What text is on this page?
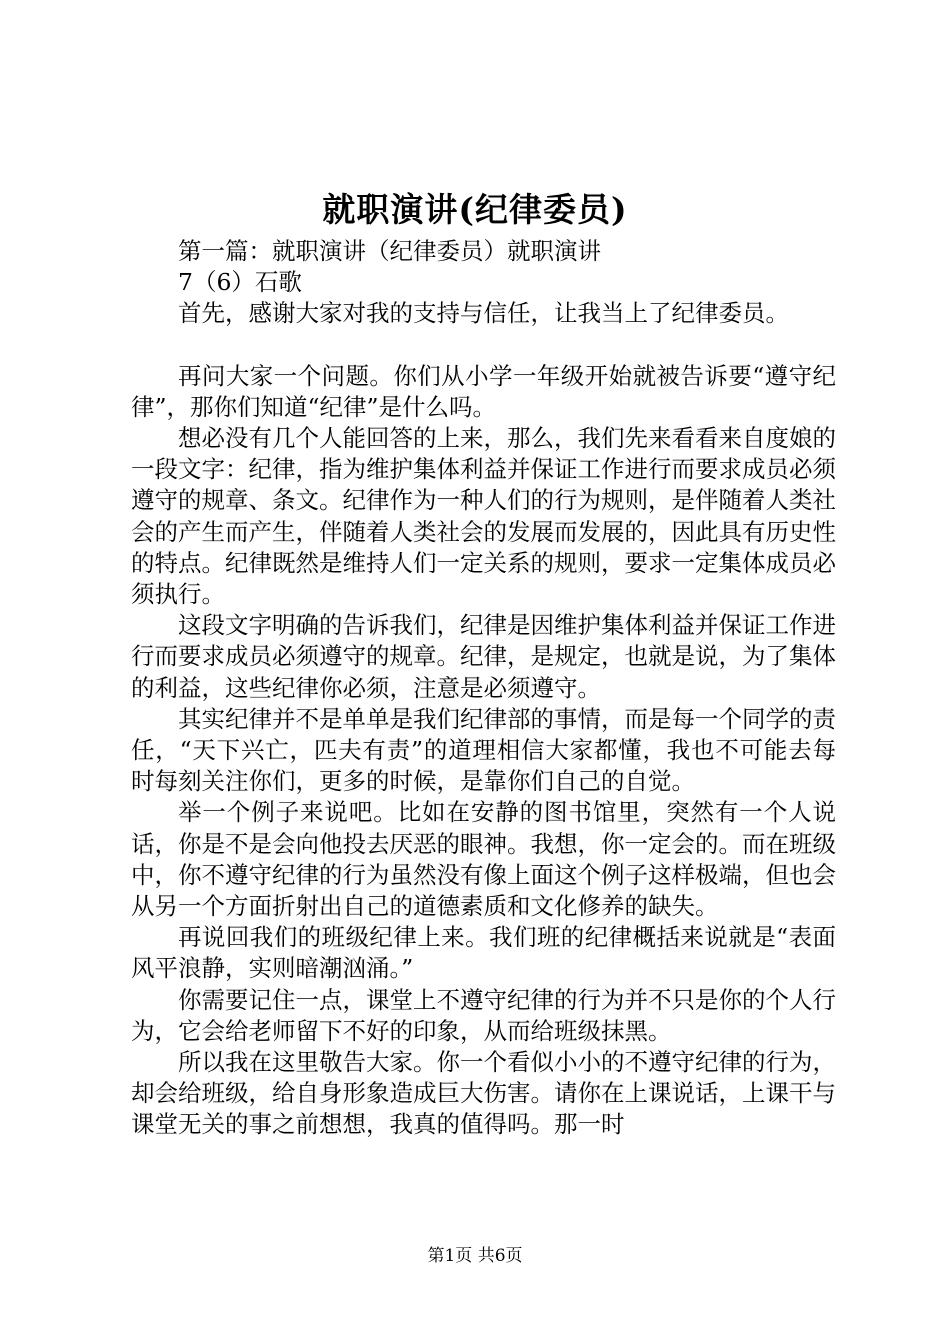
就职演讲(纪律委员)

第一篇：就职演讲（纪律委员）就职演讲

7（6）石歌

首先，感谢大家对我的支持与信任，让我当上了纪律委员。

再问大家一个问题。你们从小学一年级开始就被告诉要“遵守纪律”，那你们知道“纪律”是什么吗。

想必没有几个人能回答的上来，那么，我们先来看看来自度娘的一段文字：纪律，指为维护集体利益并保证工作进行而要求成员必须遵守的规章、条文。纪律作为一种人们的行为规则，是伴随着人类社会的产生而产生，伴随着人类社会的发展而发展的，因此具有历史性的特点。纪律既然是维持人们一定关系的规则，要求一定集体成员必须执行。

这段文字明确的告诉我们，纪律是因维护集体利益并保证工作进行而要求成员必须遵守的规章。纪律，是规定，也就是说，为了集体的利益，这些纪律你必须，注意是必须遵守。

其实纪律并不是单单是我们纪律部的事情，而是每一个同学的责任，“天下兴亡，匹夫有责”的道理相信大家都懂，我也不可能去每时每刻关注你们，更多的时候，是靠你们自己的自觉。

举一个例子来说吧。比如在安静的图书馆里，突然有一个人说话，你是不是会向他投去厌恶的眼神。我想，你一定会的。而在班级中，你不遵守纪律的行为虽然没有像上面这个例子这样极端，但也会从另一个方面折射出自己的道德素质和文化修养的缺失。

再说回我们的班级纪律上来。我们班的纪律概括来说就是“表面风平浪静，实则暗潮汹涌。”

你需要记住一点，课堂上不遵守纪律的行为并不只是你的个人行为，它会给老师留下不好的印象，从而给班级抹黑。

所以我在这里敬告大家。你一个看似小小的不遵守纪律的行为，却会给班级，给自身形象造成巨大伤害。请你在上课说话，上课干与课堂无关的事之前想想，我真的值得吗。那一时

第1页 共6页
